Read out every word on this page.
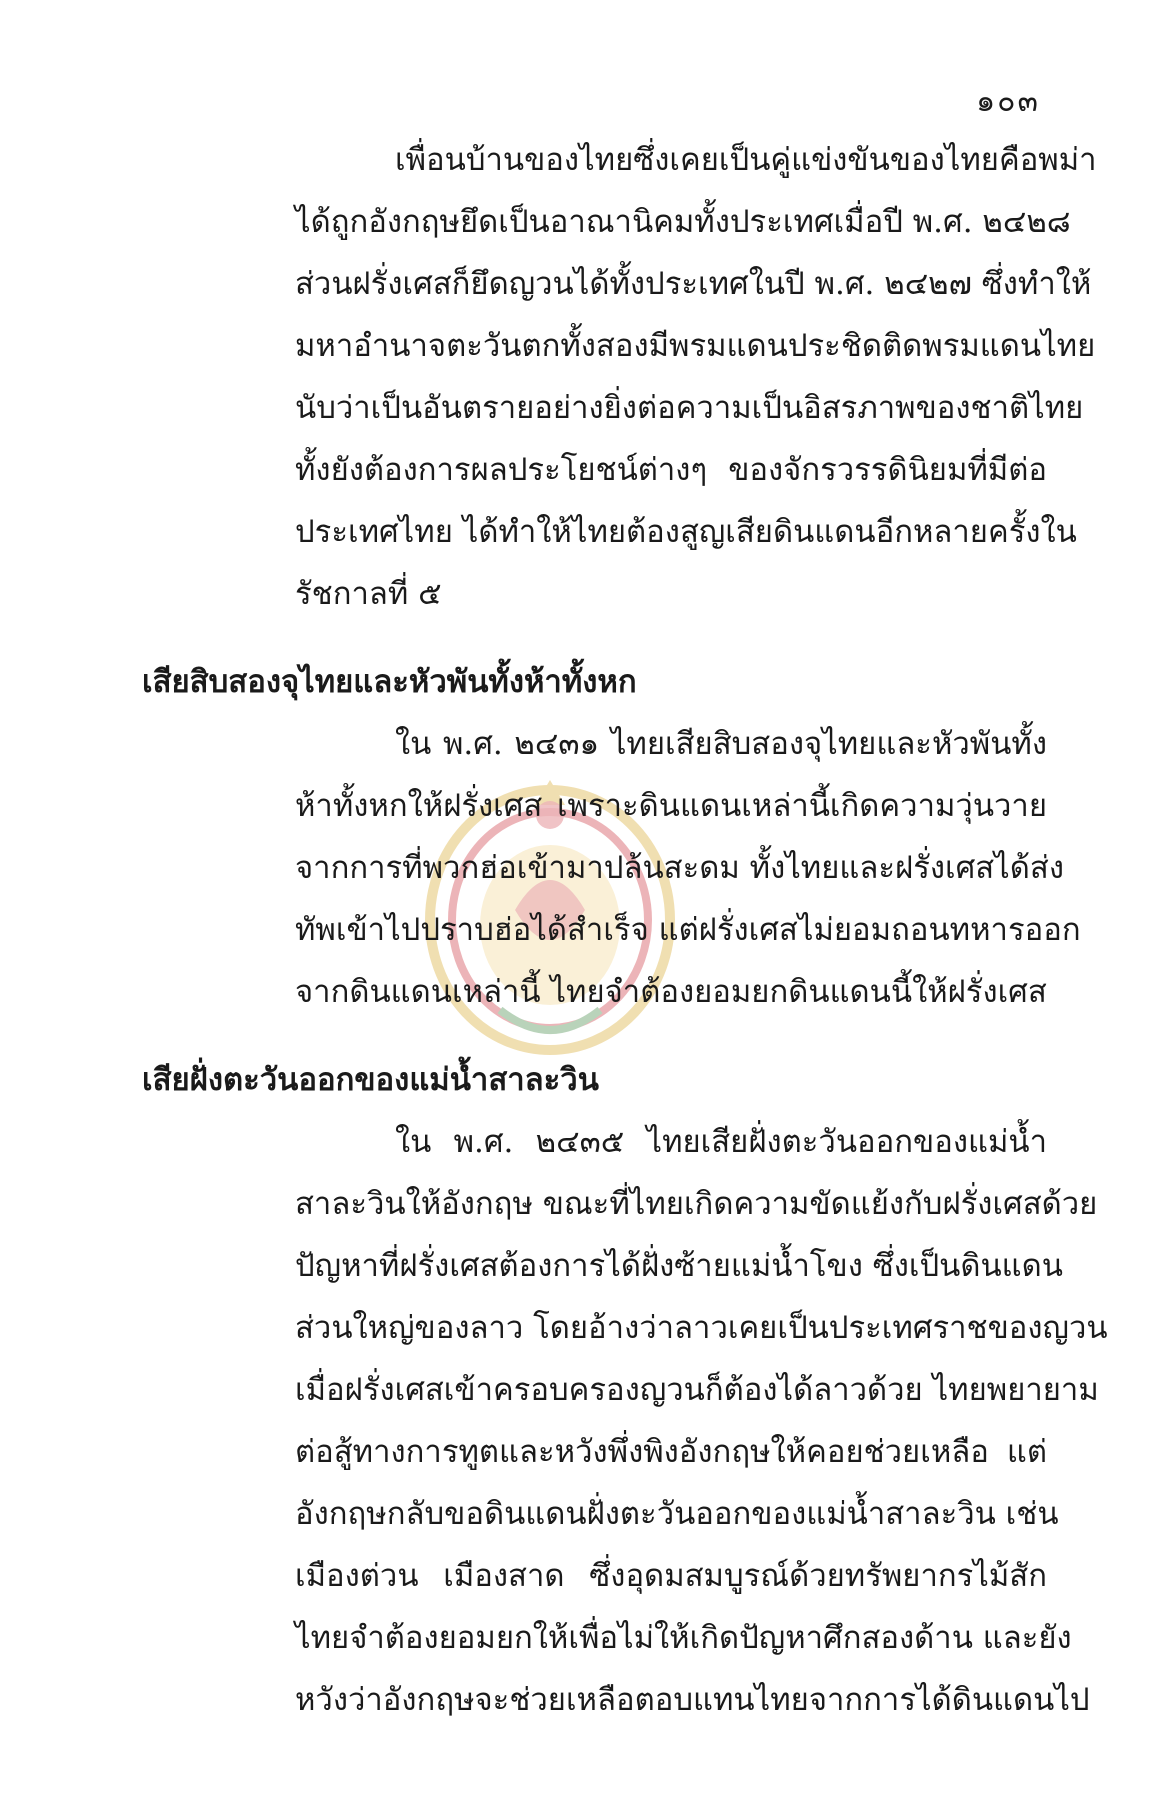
๑๐๓
เพื่อนบ้านของไทยซึ่งเคยเป็นคู่แข่งขันของไทยคือพม่า
ได้ถูกอังกฤษยึดเป็นอาณานิคมทั้งประเทศเมื่อปี พ.ศ. ๒๔๒๘
ส่วนฝรั่งเศสก็ยึดญวนได้ทั้งประเทศในปี พ.ศ. ๒๔๒๗ ซึ่งทำให้
มหาอำนาจตะวันตกทั้งสองมีพรมแดนประชิดติดพรมแดนไทย
นับว่าเป็นอันตรายอย่างยิ่งต่อความเป็นอิสรภาพของชาติไทย
ทั้งยังต้องการผลประโยชน์ต่างๆ ของจักรวรรดินิยมที่มีต่อ
ประเทศไทย ได้ทำให้ไทยต้องสูญเสียดินแดนอีกหลายครั้งใน
รัชกาลที่ ๕
เสียสิบสองจุไทยและหัวพันทั้งห้าทั้งหก
ใน พ.ศ. ๒๔๓๑ ไทยเสียสิบสองจุไทยและหัวพันทั้ง
ห้าทั้งหกให้ฝรั่งเศส เพราะดินแดนเหล่านี้เกิดความวุ่นวาย
จากการที่พวกฮ่อเข้ามาปล้นสะดม ทั้งไทยและฝรั่งเศสได้ส่ง
ทัพเข้าไปปราบฮ่อได้สำเร็จ แต่ฝรั่งเศสไม่ยอมถอนทหารออก
จากดินแดนเหล่านี้ ไทยจำต้องยอมยกดินแดนนี้ให้ฝรั่งเศส
เสียฝั่งตะวันออกของแม่น้ำสาละวิน
ใน พ.ศ. ๒๔๓๕ ไทยเสียฝั่งตะวันออกของแม่น้ำ
สาละวินให้อังกฤษ ขณะที่ไทยเกิดความขัดแย้งกับฝรั่งเศสด้วย
ปัญหาที่ฝรั่งเศสต้องการได้ฝั่งซ้ายแม่น้ำโขง ซึ่งเป็นดินแดน
ส่วนใหญ่ของลาว โดยอ้างว่าลาวเคยเป็นประเทศราชของญวน
เมื่อฝรั่งเศสเข้าครอบครองญวนก็ต้องได้ลาวด้วย ไทยพยายาม
ต่อสู้ทางการทูตและหวังพึ่งพิงอังกฤษให้คอยช่วยเหลือ แต่
อังกฤษกลับขอดินแดนฝั่งตะวันออกของแม่น้ำสาละวิน เช่น
เมืองต่วน เมืองสาด ซึ่งอุดมสมบูรณ์ด้วยทรัพยากรไม้สัก
ไทยจำต้องยอมยกให้เพื่อไม่ให้เกิดปัญหาศึกสองด้าน และยัง
หวังว่าอังกฤษจะช่วยเหลือตอบแทนไทยจากการได้ดินแดนไป
